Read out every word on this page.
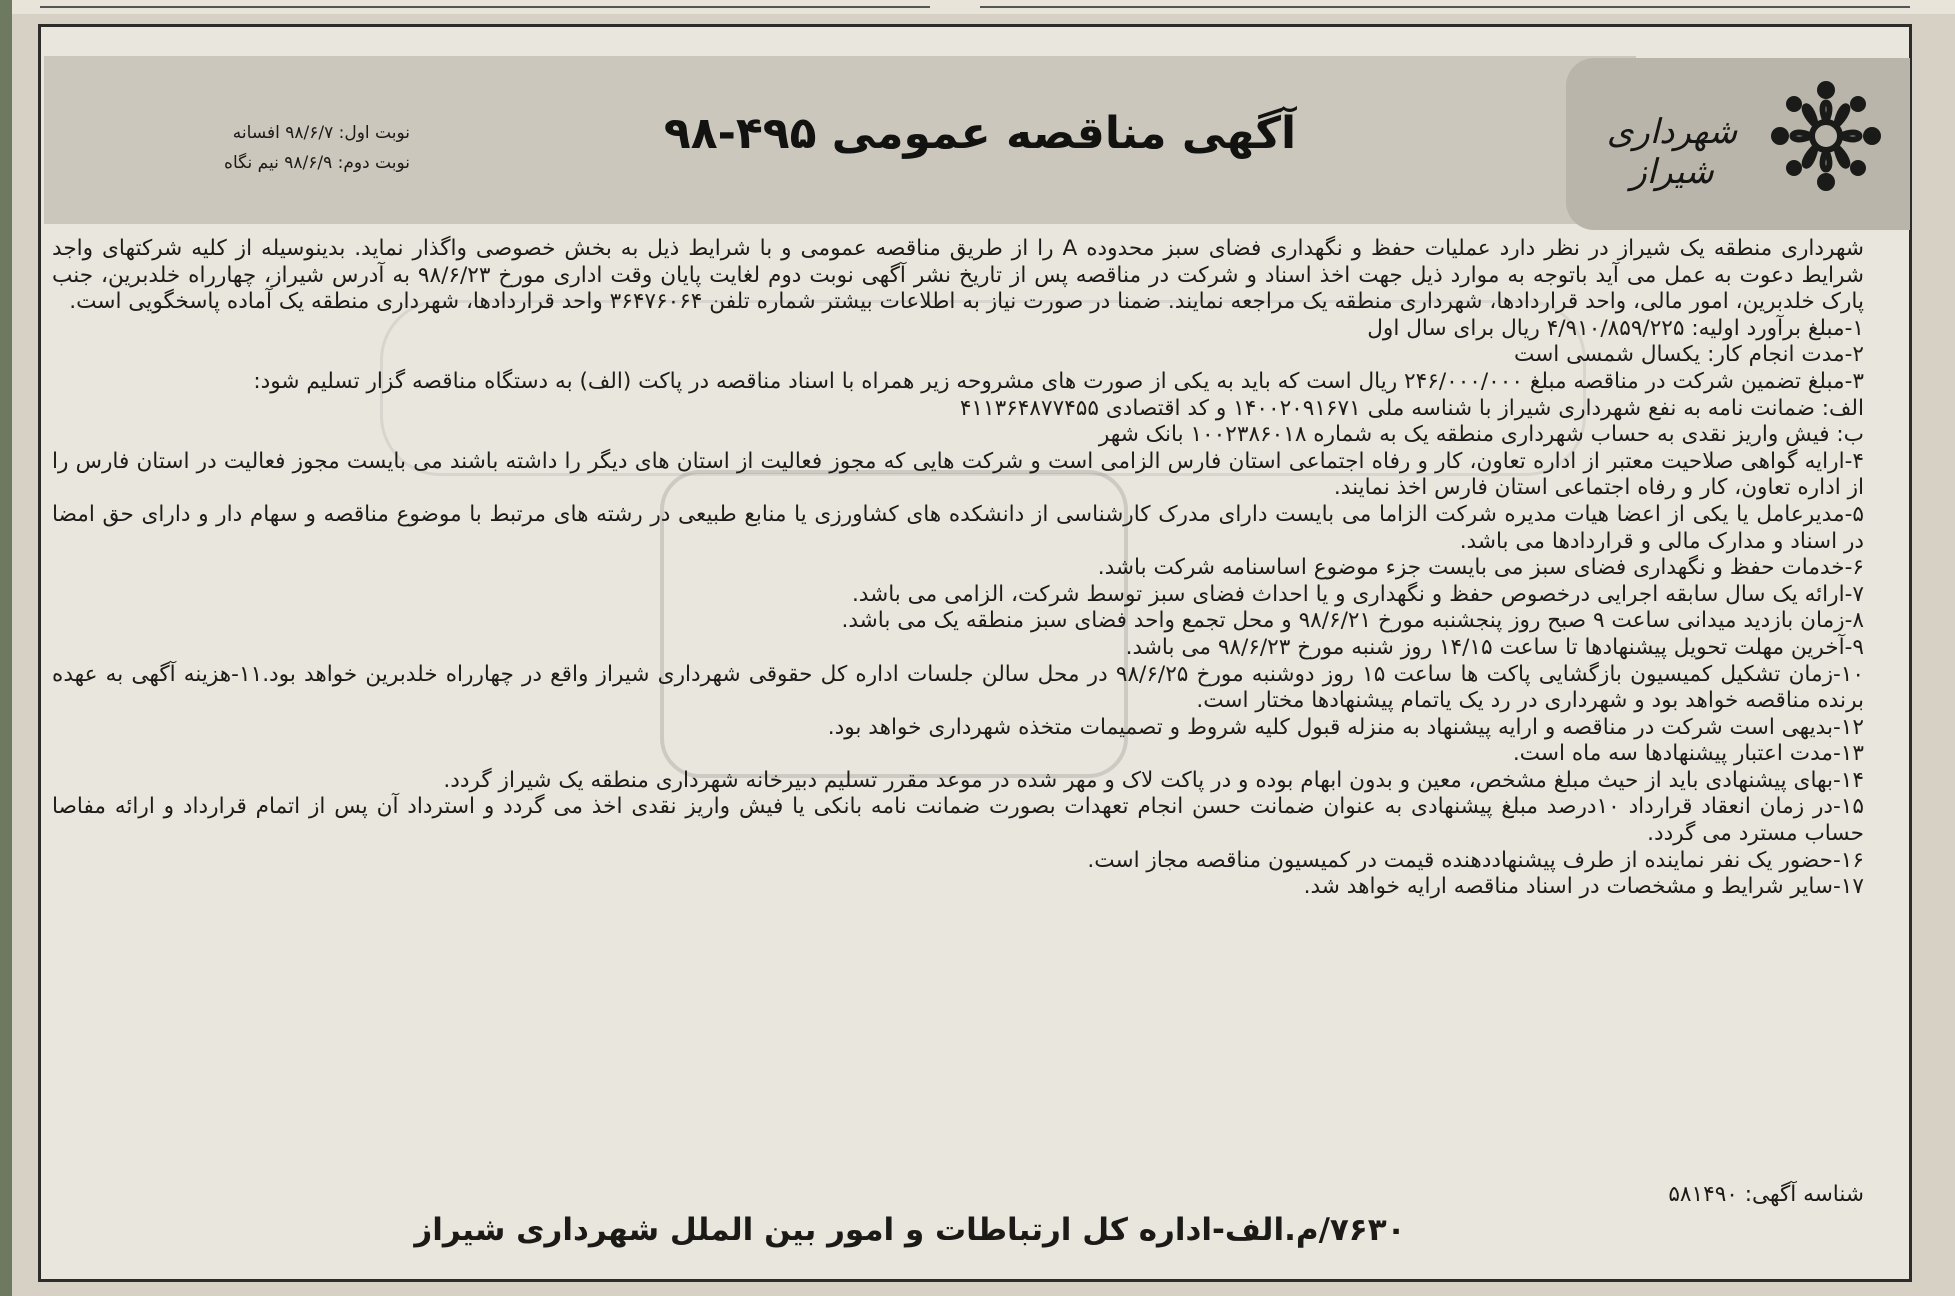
شهرداری شیراز
آگهی مناقصه عمومی ۴۹۵-۹۸
نوبت اول: ۹۸/۶/۷ افسانه
نوبت دوم: ۹۸/۶/۹ نیم نگاه

شهرداری منطقه یک شیراز در نظر دارد عملیات حفظ و نگهداری فضای سبز محدوده A را از طریق مناقصه عمومی و با شرایط ذیل به بخش خصوصی واگذار نماید. بدینوسیله از کلیه شرکتهای واجد شرایط دعوت به عمل می آید باتوجه به موارد ذیل جهت اخذ اسناد و شرکت در مناقصه پس از تاریخ نشر آگهی نوبت دوم لغایت پایان وقت اداری مورخ ۹۸/۶/۲۳ به آدرس شیراز، چهارراه خلدبرین، جنب پارک خلدبرین، امور مالی، واحد قراردادها، شهرداری منطقه یک مراجعه نمایند. ضمنا در صورت نیاز به اطلاعات بیشتر شماره تلفن ۳۶۴۷۶۰۶۴ واحد قراردادها، شهرداری منطقه یک آماده پاسخگویی است.

۱-مبلغ برآورد اولیه: ۴/۹۱۰/۸۵۹/۲۲۵ ریال برای سال اول

۲-مدت انجام کار: یکسال شمسی است

۳-مبلغ تضمین شرکت در مناقصه مبلغ ۲۴۶/۰۰۰/۰۰۰ ریال است که باید به یکی از صورت های مشروحه زیر همراه با اسناد مناقصه در پاکت (الف) به دستگاه مناقصه گزار تسلیم شود:

الف: ضمانت نامه به نفع شهرداری شیراز با شناسه ملی ۱۴۰۰۲۰۹۱۶۷۱ و کد اقتصادی ۴۱۱۳۶۴۸۷۷۴۵۵

ب: فیش واریز نقدی به حساب شهرداری منطقه یک به شماره ۱۰۰۲۳۸۶۰۱۸ بانک شهر

۴-ارایه گواهی صلاحیت معتبر از اداره تعاون، کار و رفاه اجتماعی استان فارس الزامی است و شرکت هایی که مجوز فعالیت از استان های دیگر را داشته باشند می بایست مجوز فعالیت در استان فارس را از اداره تعاون، کار و رفاه اجتماعی استان فارس اخذ نمایند.

۵-مدیرعامل یا یکی از اعضا هیات مدیره شرکت الزاما می بایست دارای مدرک کارشناسی از دانشکده های کشاورزی یا منابع طبیعی در رشته های مرتبط با موضوع مناقصه و سهام دار و دارای حق امضا در اسناد و مدارک مالی و قراردادها می باشد.

۶-خدمات حفظ و نگهداری فضای سبز می بایست جزء موضوع اساسنامه شرکت باشد.

۷-ارائه یک سال سابقه اجرایی درخصوص حفظ و نگهداری و یا احداث فضای سبز توسط شرکت، الزامی می باشد.

۸-زمان بازدید میدانی ساعت ۹ صبح روز پنجشنبه مورخ ۹۸/۶/۲۱ و محل تجمع واحد فضای سبز منطقه یک می باشد.

۹-آخرین مهلت تحویل پیشنهادها تا ساعت ۱۴/۱۵ روز شنبه مورخ ۹۸/۶/۲۳ می باشد.

۱۰-زمان تشکیل کمیسیون بازگشایی پاکت ها ساعت ۱۵ روز دوشنبه مورخ ۹۸/۶/۲۵ در محل سالن جلسات اداره کل حقوقی شهرداری شیراز واقع در چهارراه خلدبرین خواهد بود.۱۱-هزینه آگهی به عهده برنده مناقصه خواهد بود و شهرداری در رد یک یاتمام پیشنهادها مختار است.

۱۲-بدیهی است شرکت در مناقصه و ارایه پیشنهاد به منزله قبول کلیه شروط و تصمیمات متخذه شهرداری خواهد بود.

۱۳-مدت اعتبار پیشنهادها سه ماه است.

۱۴-بهای پیشنهادی باید از حیث مبلغ مشخص، معین و بدون ابهام بوده و در پاکت لاک و مهر شده در موعد مقرر تسلیم دبیرخانه شهرداری منطقه یک شیراز گردد.

۱۵-در زمان انعقاد قرارداد ۱۰درصد مبلغ پیشنهادی به عنوان ضمانت حسن انجام تعهدات بصورت ضمانت نامه بانکی یا فیش واریز نقدی اخذ می گردد و استرداد آن پس از اتمام قرارداد و ارائه مفاصا حساب مسترد می گردد.

۱۶-حضور یک نفر نماینده از طرف پیشنهاددهنده قیمت در کمیسیون مناقصه مجاز است.

۱۷-سایر شرایط و مشخصات در اسناد مناقصه ارایه خواهد شد.

شناسه آگهی: ۵۸۱۴۹۰
۷۶۳۰/م.الف-اداره کل ارتباطات و امور بین الملل شهرداری شیراز
